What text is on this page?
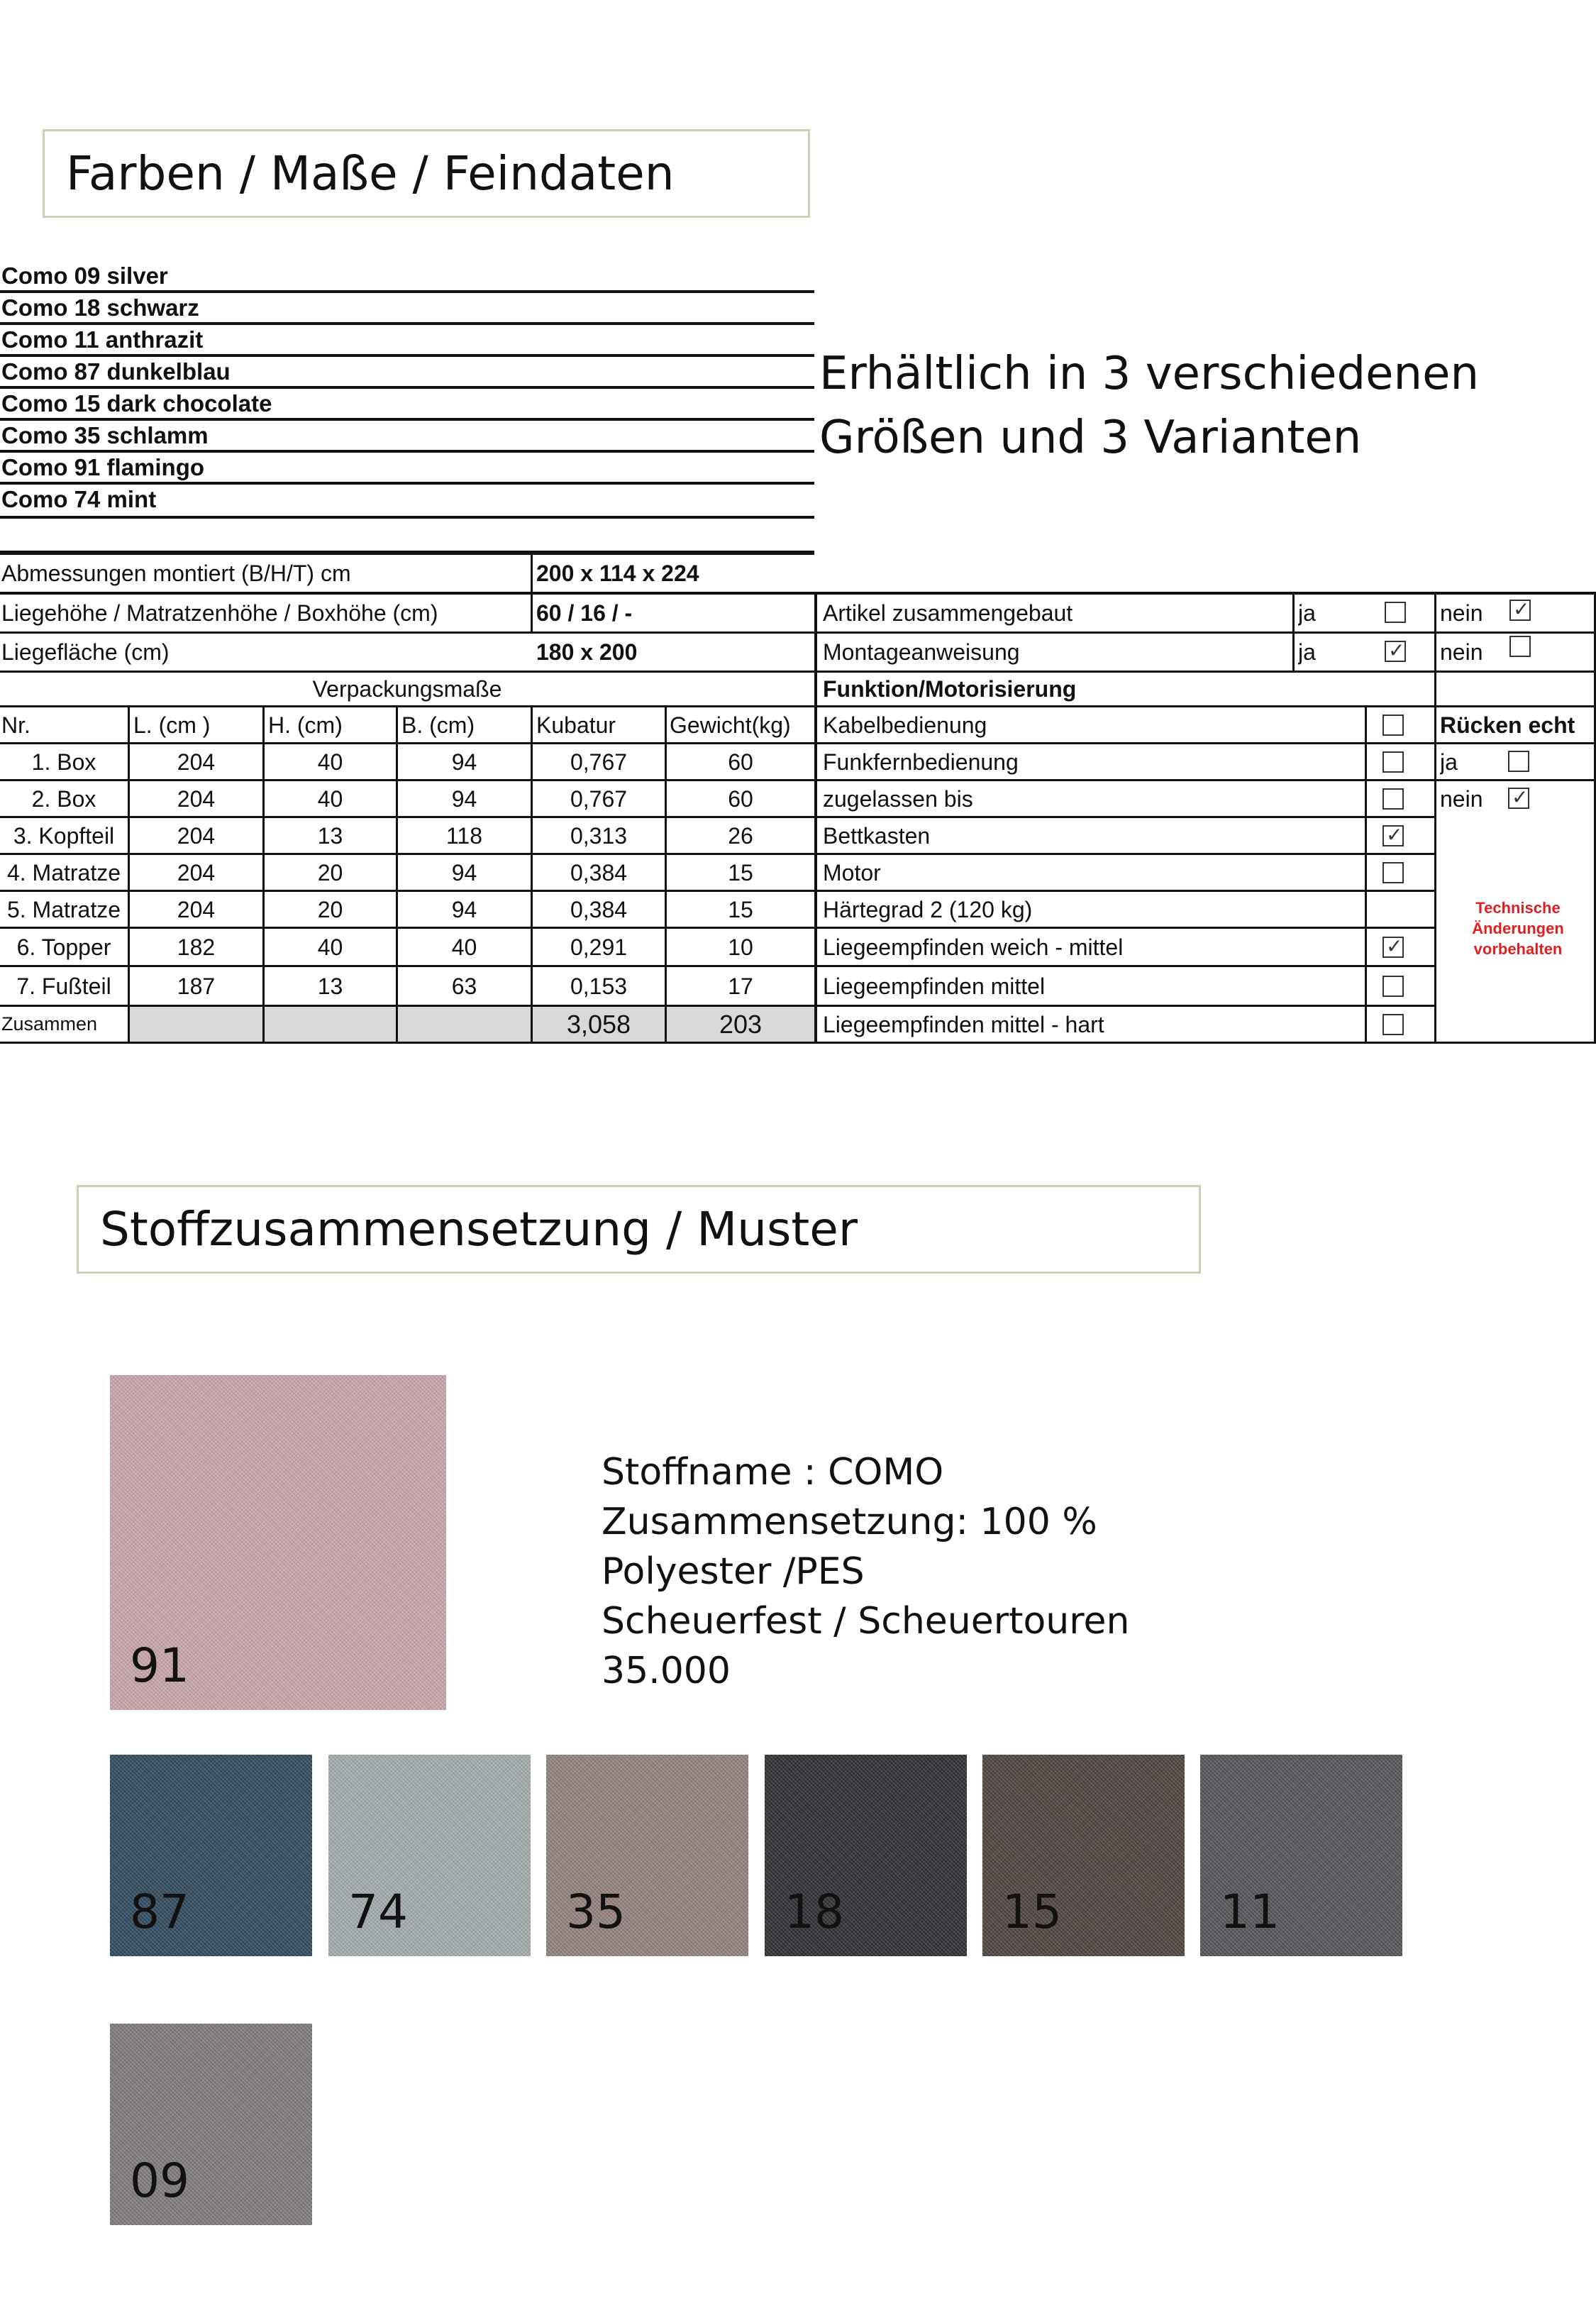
Farben / Maße / Feindaten
Como 09 silver
Como 18 schwarz
Como 11 anthrazit
Como 87 dunkelblau
Como 15 dark chocolate
Como 35 schlamm
Como 91 flamingo
Como 74 mint
Erhältlich in 3 verschiedenen
Größen und 3 Varianten
Abmessungen montiert (B/H/T) cm	200 x 114 x 224
Liegehöhe / Matratzenhöhe / Boxhöhe (cm)	60 / 16 / -
Liegefläche (cm)	180 x 200
Artikel zusammengebaut	ja	nein
✓
Montageanweisung	ja
✓	nein
Verpackungsmaße	Funktion/Motorisierung
Nr.	L. (cm )	H. (cm)	B. (cm)	Kubatur	Gewicht(kg)
1. Box	204	40	94	0,767	60
2. Box	204	40	94	0,767	60
3. Kopfteil	204	13	118	0,313	26
4. Matratze	204	20	94	0,384	15
5. Matratze	204	20	94	0,384	15
6. Topper	182	40	40	0,291	10
7. Fußteil	187	13	63	0,153	17
Zusammen	3,058	203
Kabelbedienung
Funkfernbedienung
zugelassen bis
Bettkasten
✓
Motor
Härtegrad 2 (120 kg)
Liegeempfinden weich - mittel
✓
Liegeempfinden mittel
Liegeempfinden mittel - hart
Rücken echt
ja
nein
✓
Technische
Änderungen
vorbehalten
Stoffzusammensetzung / Muster
Stoffname : COMO
Zusammensetzung: 100 %
Polyester /PES
Scheuerfest / Scheuertouren
35.000
91
87	74	35	18	15	11
09
